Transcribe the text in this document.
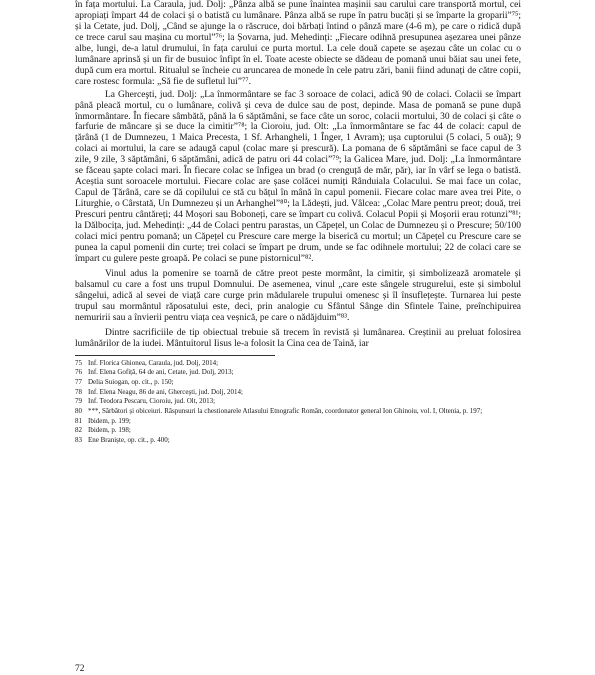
în fața mortului. La Caraula, jud. Dolj: „Pânza albă se pune înaintea mașinii sau carului care transportă mortul, cei apropiați împart 44 de colaci și o batistă cu lumânare. Pânza albă se rupe în patru bucăți și se împarte la groparii”⁷⁵; și la Cetate, jud. Dolj, „Când se ajunge la o răscruce, doi bărbați întind o pânză mare (4-6 m), pe care o ridică după ce trece carul sau mașina cu mortul”⁷⁶; la Șovarna, jud. Mehedinți: „Fiecare odihnă presupunea așezarea unei pânze albe, lungi, de-a latul drumului, în fața carului ce purta mortul. La cele două capete se așezau câte un colac cu o lumânare aprinsă și un fir de busuioc înfipt în el. Toate aceste obiecte se dădeau de pomană unui băiat sau unei fete, după cum era mortul. Ritualul se încheie cu aruncarea de monede în cele patru zări, banii fiind adunați de către copii, care rostesc formula: „Să fie de sufletul lui”⁷⁷.

La Gherceşti, jud. Dolj: „La înmormântare se fac 3 soroace de colaci, adică 90 de colaci. Colacii se împart până pleacă mortul, cu o lumânare, colivă și ceva de dulce sau de post, depinde. Masa de pomană se pune după înmormântare. În fiecare sâmbătă, până la 6 săptămâni, se face câte un soroc, colacii mortului, 30 de colaci și câte o farfurie de mâncare și se duce la cimitir”⁷⁸; la Cioroiu, jud. Olt: „La înmormântare se fac 44 de colaci: capul de țărână (1 de Dumnezeu, 1 Maica Precesta, 1 Sf. Arhangheli, 1 Înger, 1 Avram); ușa cuptorului (5 colaci, 5 ouă); 9 colaci ai mortului, la care se adaugă capul (colac mare și prescură). La pomana de 6 săptămâni se face capul de 3 zile, 9 zile, 3 săptămâni, 6 săptămâni, adică de patru ori 44 colaci”⁷⁹; la Galicea Mare, jud. Dolj: „La înmormântare se făceau șapte colaci mari. În fiecare colac se înfigea un brad (o crenguță de măr, păr), iar în vârf se lega o batistă. Aceștia sunt soroacele mortului. Fiecare colac are șase colăcei numiți Rânduiala Colacului. Se mai face un colac, Capul de Țărână, care se dă copilului ce stă cu bățul în mână în capul pomenii. Fiecare colac mare avea trei Pite, o Liturghie, o Cârstată, Un Dumnezeu și un Arhanghel”⁸⁰; la Lădești, jud. Vâlcea: „Colac Mare pentru preot; două, trei Prescuri pentru cântăreți; 44 Moșori sau Boboneți, care se împart cu colivă. Colacul Popii și Moșorii erau rotunzi”⁸¹; la Dălbocița, jud. Mehedinți: „44 de Colaci pentru parastas, un Căpețel, un Colac de Dumnezeu și o Prescure; 50/100 colaci mici pentru pomană; un Căpețel cu Prescure care merge la biserică cu mortul; un Căpețel cu Prescure care se punea la capul pomenii din curte; trei colaci se împart pe drum, unde se fac odihnele mortului; 22 de colaci care se împart cu gulere peste groapă. Pe colaci se pune pistornicul”⁸².

Vinul adus la pomenire se toarnă de către preot peste mormânt, la cimitir, și simbolizează aromatele și balsamul cu care a fost uns trupul Domnului. De asemenea, vinul „care este sângele strugurelui, este și simbolul sângelui, adică al sevei de viață care curge prin mădularele trupului omenesc și îl însuflețește. Turnarea lui peste trupul sau mormântul răposatului este, deci, prin analogie cu Sfântul Sânge din Sfintele Taine, preînchipuirea nemuririi sau a învierii pentru viața cea veșnică, pe care o nădăjduim”⁸³.

Dintre sacrificiile de tip obiectual trebuie să trecem în revistă și lumânarea. Creștinii au preluat folosirea lumânărilor de la iudei. Mântuitorul Iisus le-a folosit la Cina cea de Taină, iar

75 Inf. Florica Ghionea, Caraula, jud. Dolj, 2014;
76 Inf. Elena Gofiță, 64 de ani, Cetate, jud. Dolj, 2013;
77 Delia Suiogan, op. cit., p. 150;
78 Inf. Elena Neagu, 86 de ani, Gherceşti, jud. Dolj, 2014;
79 Inf. Teodora Pescaru, Cioroiu, jud. Olt, 2013;
80 ***, Sărbători și obiceiuri. Răspunsuri la chestionarele Atlasului Etnografic Român, coordonator general Ion Ghinoiu, vol. I, Oltenia, p. 197;
81 Ibidem, p. 199;
82 Ibidem, p. 198;
83 Ene Braniște, op. cit., p. 400;
72
